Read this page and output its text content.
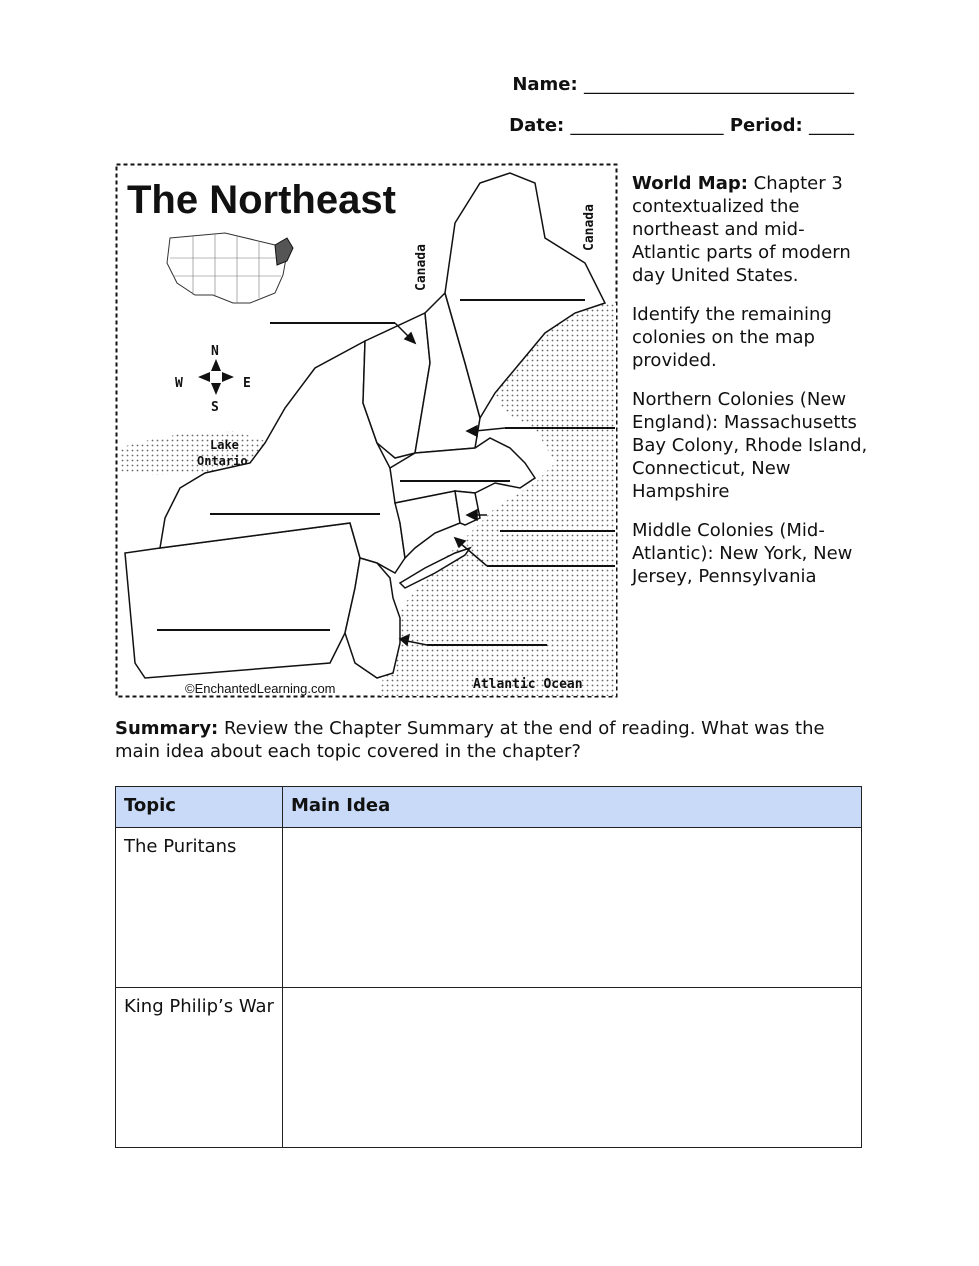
Name: ______________________________
Date: _________________ Period: _____
The Northeast
N
S
W	E
Canada
Canada
Lake
Ontario
Atlantic Ocean
©EnchantedLearning.com

World Map: Chapter 3 contextualized the northeast and mid-Atlantic parts of modern day United States.

Identify the remaining colonies on the map provided.

Northern Colonies (New England): Massachusetts Bay Colony, Rhode Island, Connecticut, New Hampshire

Middle Colonies (Mid-Atlantic): New York, New Jersey, Pennsylvania

Summary: Review the Chapter Summary at the end of reading. What was the main idea about each topic covered in the chapter?
Topic	Main Idea
The Puritans	
King Philip’s War	
